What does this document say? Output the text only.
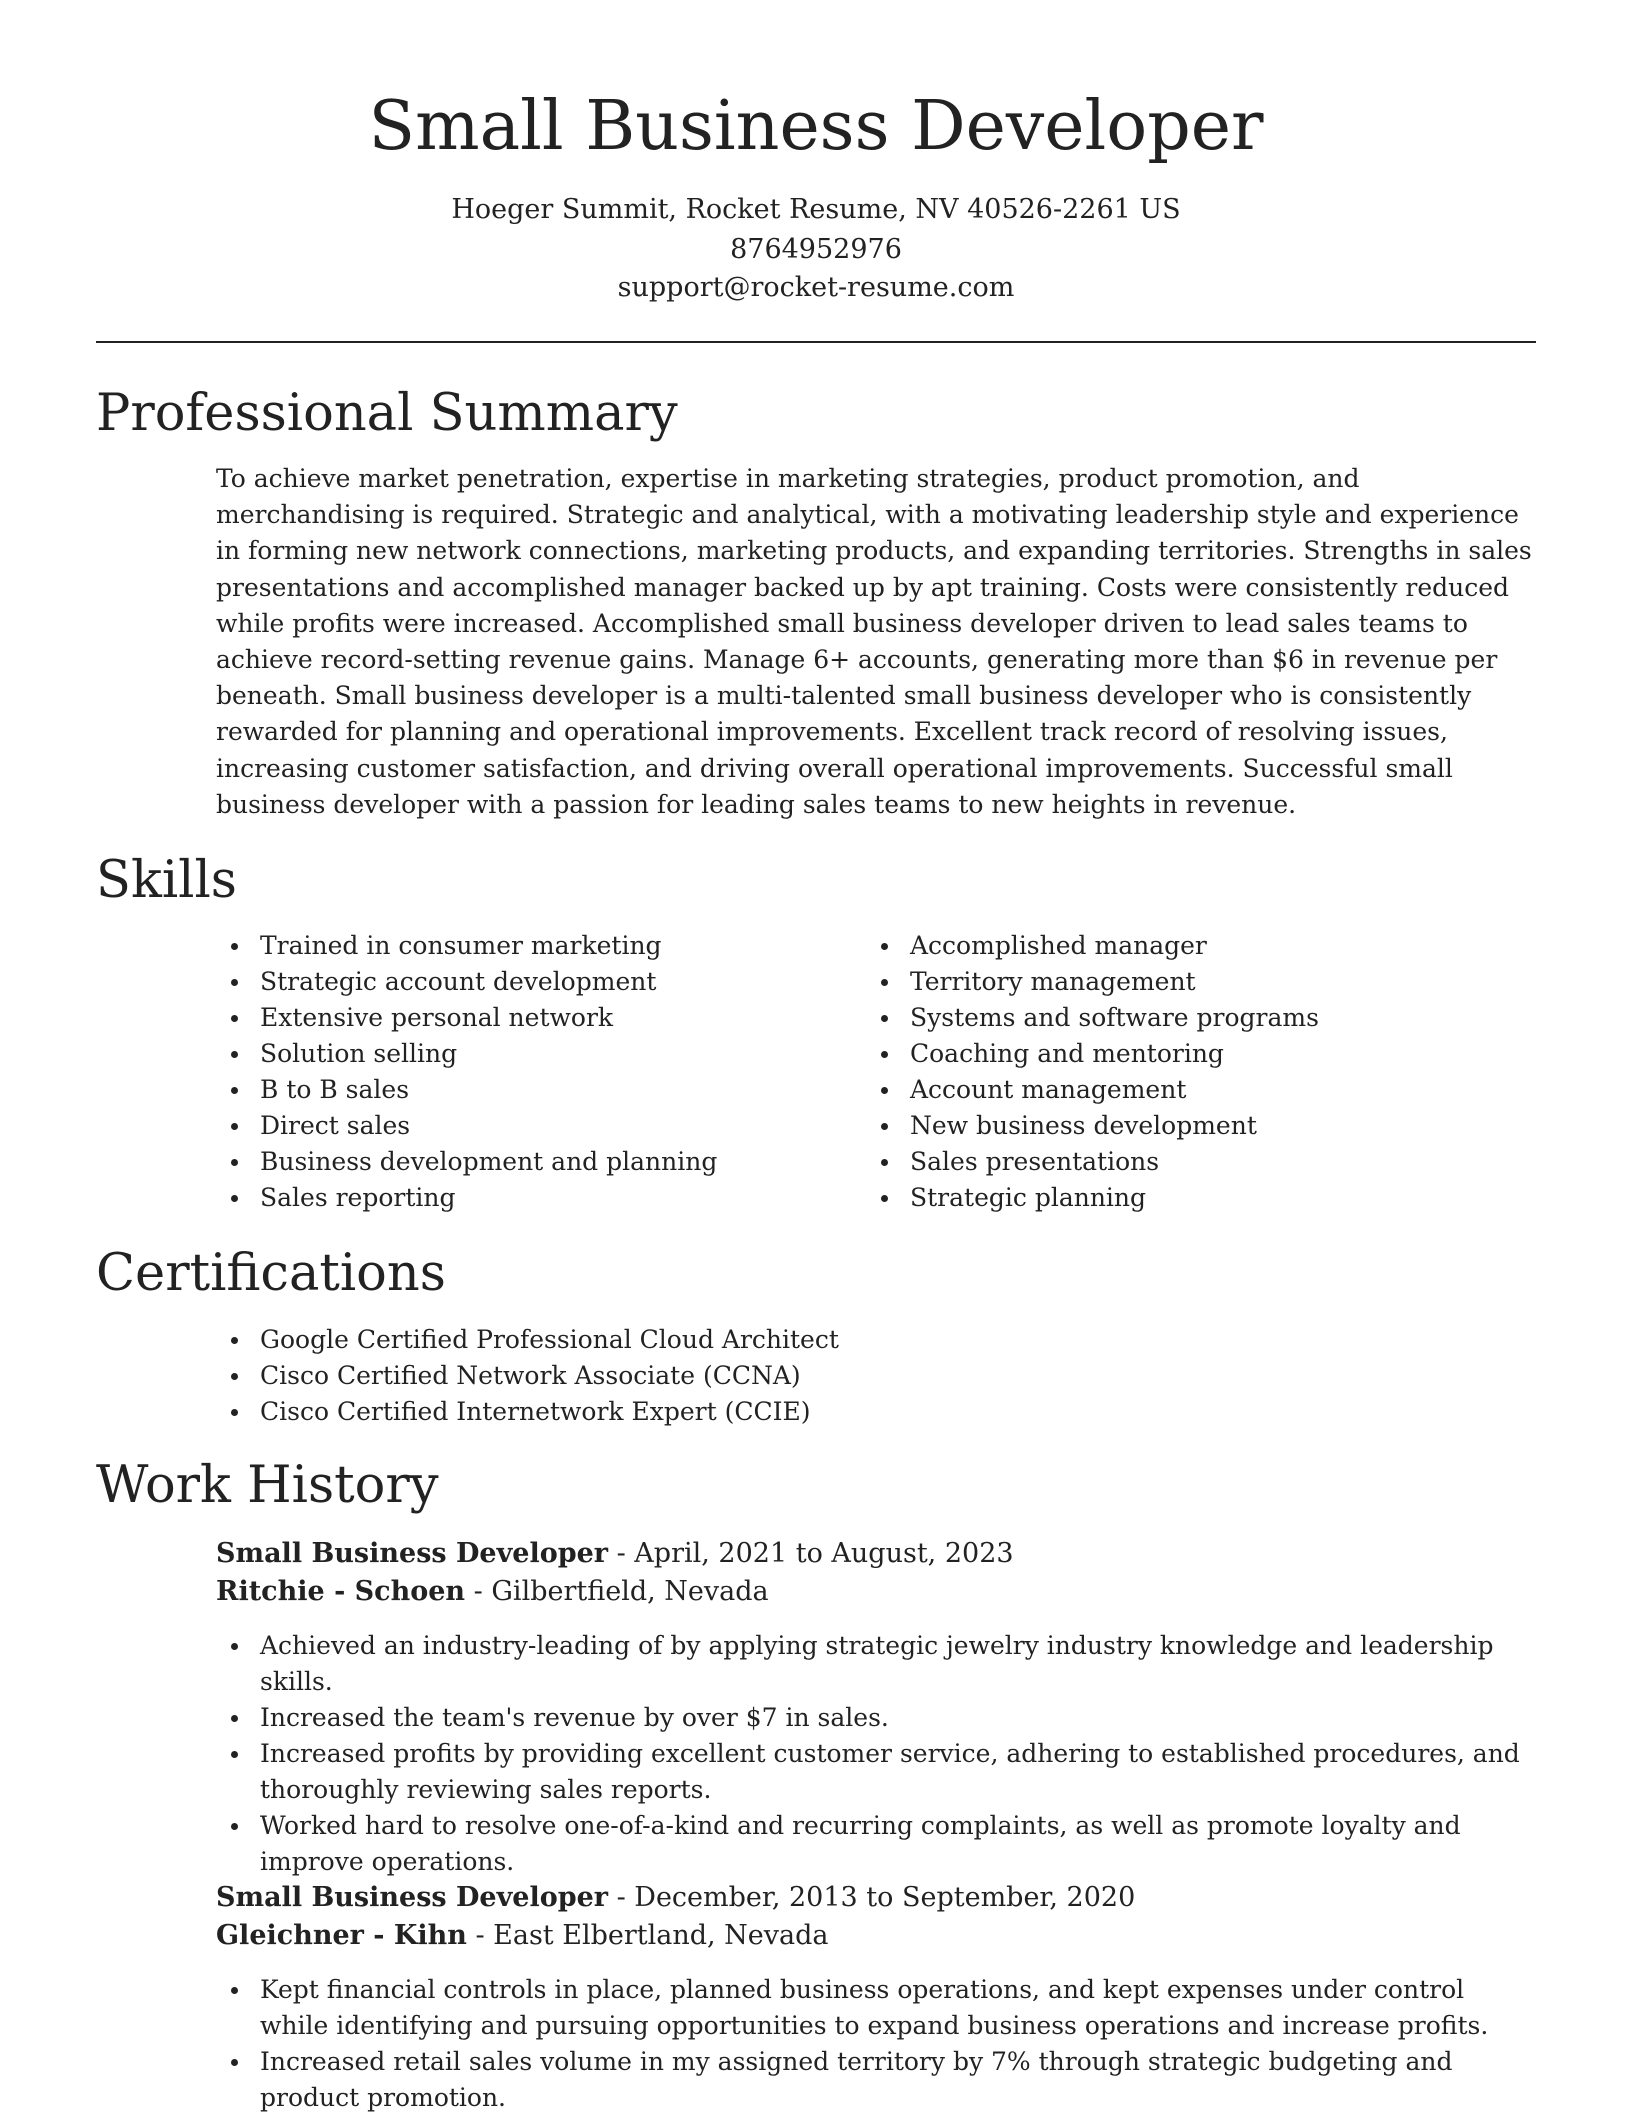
Small Business Developer
Hoeger Summit, Rocket Resume, NV 40526-2261 US
8764952976
support@rocket-resume.com
Professional Summary

To achieve market penetration, expertise in marketing strategies, product promotion, and merchandising is required. Strategic and analytical, with a motivating leadership style and experience in forming new network connections, marketing products, and expanding territories. Strengths in sales presentations and accomplished manager backed up by apt training. Costs were consistently reduced while profits were increased. Accomplished small business developer driven to lead sales teams to achieve record-setting revenue gains. Manage 6+ accounts, generating more than $6 in revenue per beneath. Small business developer is a multi-talented small business developer who is consistently rewarded for planning and operational improvements. Excellent track record of resolving issues, increasing customer satisfaction, and driving overall operational improvements. Successful small business developer with a passion for leading sales teams to new heights in revenue.

Skills
Trained in consumer marketing
Strategic account development
Extensive personal network
Solution selling
B to B sales
Direct sales
Business development and planning
Sales reporting
Accomplished manager
Territory management
Systems and software programs
Coaching and mentoring
Account management
New business development
Sales presentations
Strategic planning
Certifications
Google Certified Professional Cloud Architect
Cisco Certified Network Associate (CCNA)
Cisco Certified Internetwork Expert (CCIE)
Work History
Small Business Developer - April, 2021 to August, 2023
Ritchie - Schoen - Gilbertfield, Nevada
Achieved an industry-leading of by applying strategic jewelry industry knowledge and leadership skills.
Increased the team's revenue by over $7 in sales.
Increased profits by providing excellent customer service, adhering to established procedures, and thoroughly reviewing sales reports.
Worked hard to resolve one-of-a-kind and recurring complaints, as well as promote loyalty and improve operations.
Small Business Developer - December, 2013 to September, 2020
Gleichner - Kihn - East Elbertland, Nevada
Kept financial controls in place, planned business operations, and kept expenses under control while identifying and pursuing opportunities to expand business operations and increase profits.
Increased retail sales volume in my assigned territory by 7% through strategic budgeting and product promotion.
